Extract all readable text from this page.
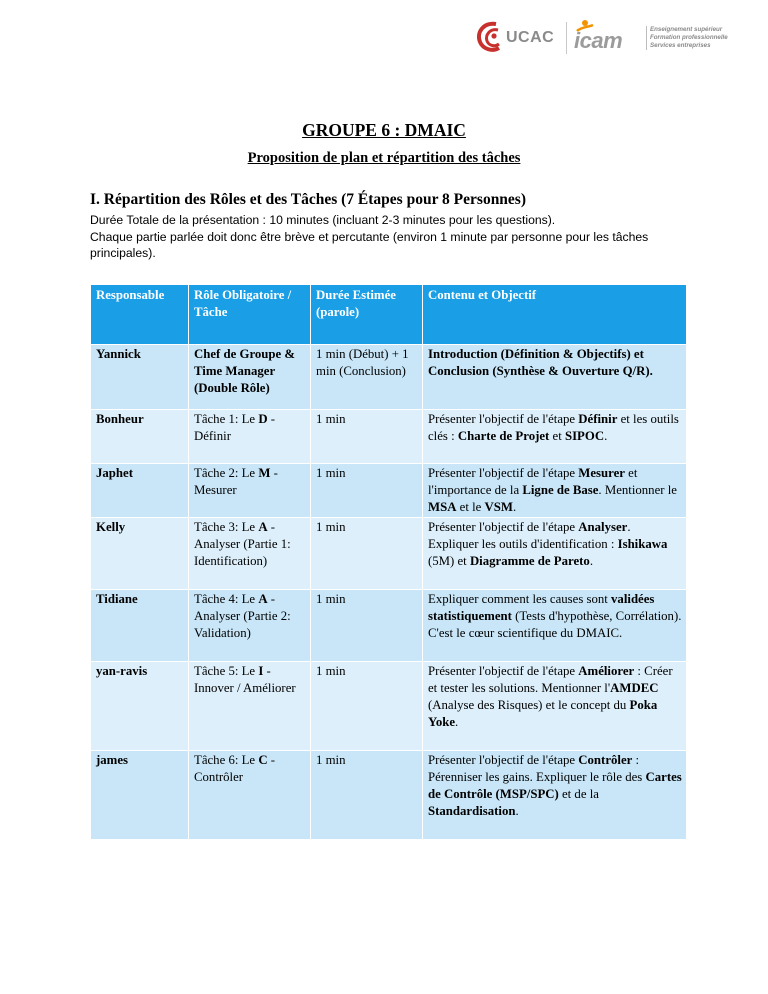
UCAC icam	Enseignement supérieur
Formation professionnelle
Services entreprises
GROUPE 6 : DMAIC
Proposition de plan et répartition des tâches
I. Répartition des Rôles et des Tâches (7 Étapes pour 8 Personnes)

Durée Totale de la présentation : 10 minutes (incluant 2-3 minutes pour les questions).

Chaque partie parlée doit donc être brève et percutante (environ 1 minute par personne pour les tâches principales).

Responsable	Rôle Obligatoire / Tâche	Durée Estimée (parole)	Contenu et Objectif
Yannick	Chef de Groupe & Time Manager (Double Rôle)	1 min (Début) + 1 min (Conclusion)	Introduction (Définition & Objectifs) et Conclusion (Synthèse & Ouverture Q/R).
Bonheur	Tâche 1: Le D - Définir	1 min	Présenter l'objectif de l'étape Définir et les outils clés : Charte de Projet et SIPOC.
Japhet	Tâche 2: Le M - Mesurer	1 min	Présenter l'objectif de l'étape Mesurer et l'importance de la Ligne de Base. Mentionner le MSA et le VSM.
Kelly	Tâche 3: Le A - Analyser (Partie 1: Identification)	1 min	Présenter l'objectif de l'étape Analyser. Expliquer les outils d'identification : Ishikawa (5M) et Diagramme de Pareto.
Tidiane	Tâche 4: Le A - Analyser (Partie 2: Validation)	1 min	Expliquer comment les causes sont validées statistiquement (Tests d'hypothèse, Corrélation). C'est le cœur scientifique du DMAIC.
yan-ravis	Tâche 5: Le I - Innover / Améliorer	1 min	Présenter l'objectif de l'étape Améliorer : Créer et tester les solutions. Mentionner l'AMDEC (Analyse des Risques) et le concept du Poka Yoke.
james	Tâche 6: Le C - Contrôler	1 min	Présenter l'objectif de l'étape Contrôler : Pérenniser les gains. Expliquer le rôle des Cartes de Contrôle (MSP/SPC) et de la Standardisation.
